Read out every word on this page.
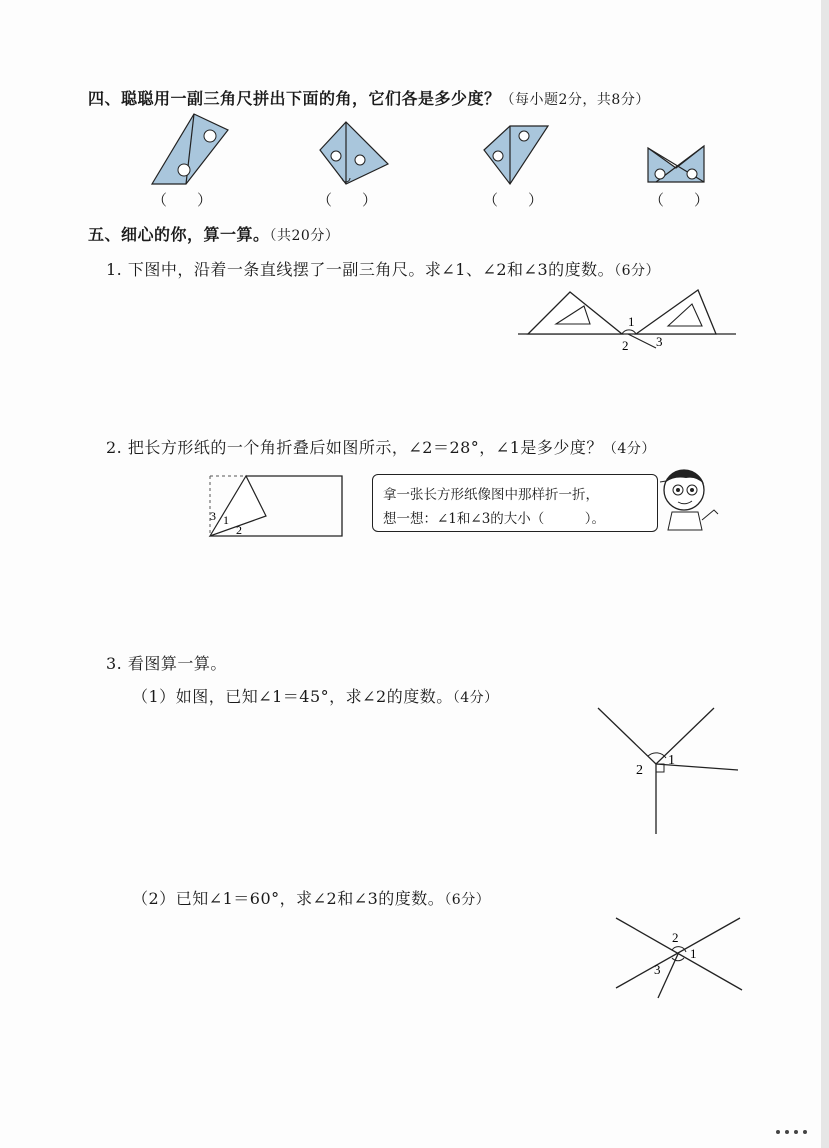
四、聪聪用一副三角尺拼出下面的角，它们各是多少度？（每小题2分，共8分）
（　　）	（　　）	（　　）	（　　）
五、细心的你，算一算。（共20分）
1. 下图中，沿着一条直线摆了一副三角尺。求∠1、∠2和∠3的度数。（6分）
1
2 3
2. 把长方形纸的一个角折叠后如图所示，∠2＝28°，∠1是多少度？（4分）
3 1
2
拿一张长方形纸像图中那样折一折，
想一想：∠1和∠3的大小（　　　）。
3. 看图算一算。
（1）如图，已知∠1＝45°，求∠2的度数。（4分）
1
2
（2）已知∠1＝60°，求∠2和∠3的度数。（6分）
2
1
3
